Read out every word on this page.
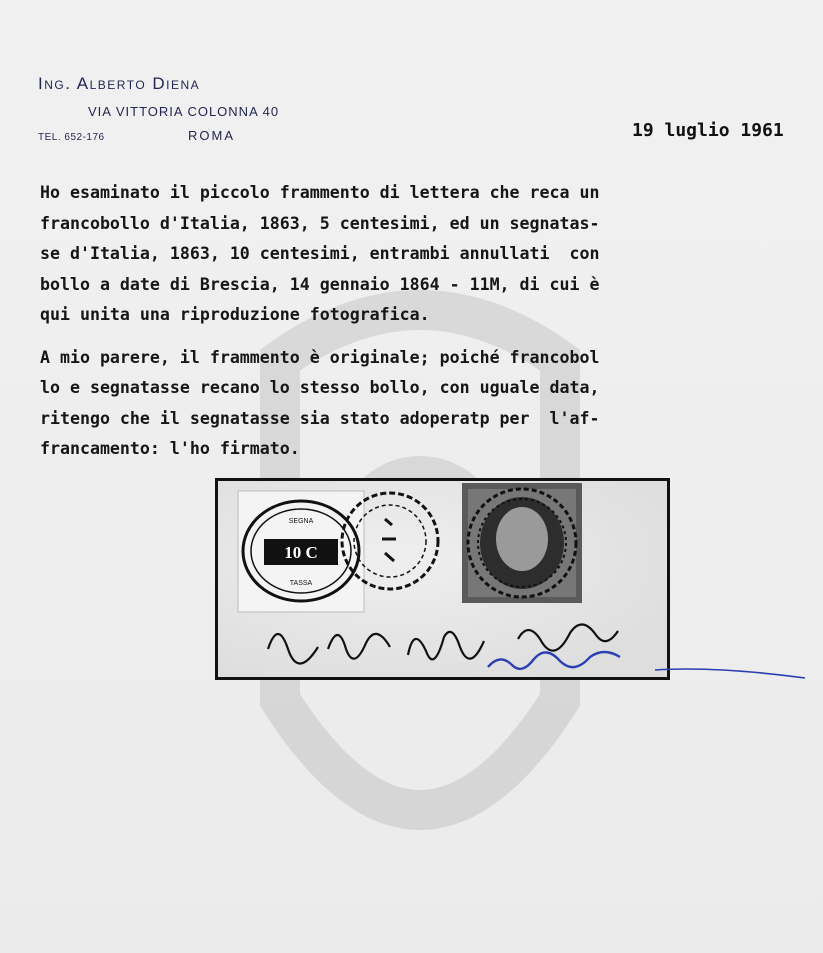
Ing. Alberto Diena

VIA VITTORIA COLONNA 40
TEL. 652-176	ROMA	19 luglio 1961
Ho esaminato il piccolo frammento di lettera che reca un
francobollo d'Italia, 1863, 5 centesimi, ed un segnatas-
se d'Italia, 1863, 10 centesimi, entrambi annullati  con
bollo a date di Brescia, 14 gennaio 1864 - 11M, di cui è
qui unita una riproduzione fotografica.
A mio parere, il frammento è originale; poiché francobol
lo e segnatasse recano lo stesso bollo, con uguale data,
ritengo che il segnatasse sia stato adoperatp per  l'af-
francamento: l'ho firmato.
10 C
SEGNA
TASSA
